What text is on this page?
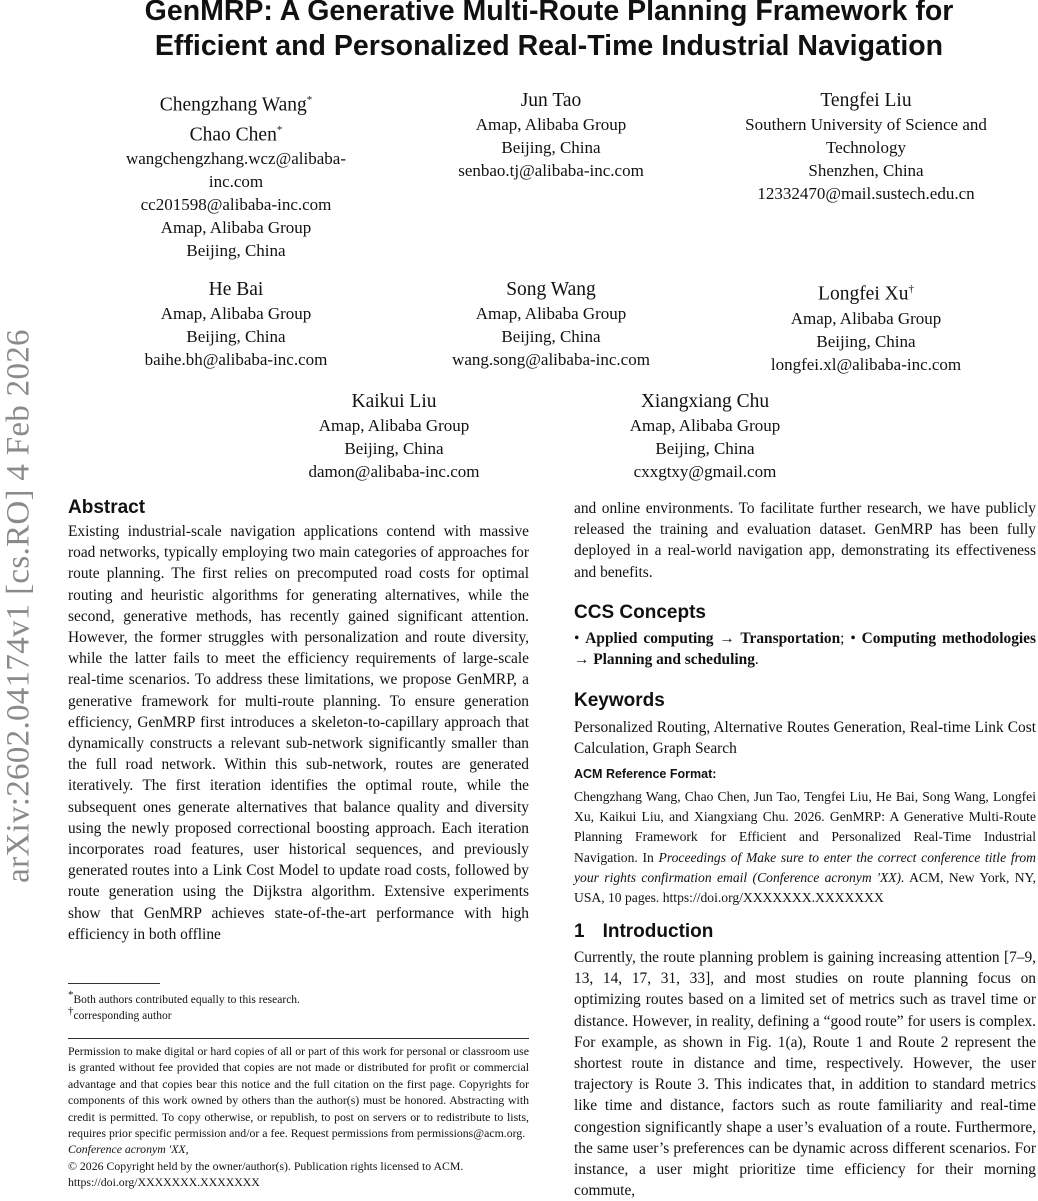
GenMRP: A Generative Multi-Route Planning Framework for
Efficient and Personalized Real-Time Industrial Navigation
arXiv:2602.04174v1 [cs.RO] 4 Feb 2026
Chengzhang Wang*
Chao Chen*
wangchengzhang.wcz@alibaba-
inc.com
cc201598@alibaba-inc.com
Amap, Alibaba Group
Beijing, China
Jun Tao
Amap, Alibaba Group
Beijing, China
senbao.tj@alibaba-inc.com
Tengfei Liu
Southern University of Science and
Technology
Shenzhen, China
12332470@mail.sustech.edu.cn
He Bai
Amap, Alibaba Group
Beijing, China
baihe.bh@alibaba-inc.com
Song Wang
Amap, Alibaba Group
Beijing, China
wang.song@alibaba-inc.com
Longfei Xu†
Amap, Alibaba Group
Beijing, China
longfei.xl@alibaba-inc.com
Kaikui Liu
Amap, Alibaba Group
Beijing, China
damon@alibaba-inc.com
Xiangxiang Chu
Amap, Alibaba Group
Beijing, China
cxxgtxy@gmail.com
Abstract

Existing industrial-scale navigation applications contend with massive road networks, typically employing two main categories of approaches for route planning. The first relies on precomputed road costs for optimal routing and heuristic algorithms for generating alternatives, while the second, generative methods, has recently gained significant attention. However, the former struggles with personalization and route diversity, while the latter fails to meet the efficiency requirements of large-scale real-time scenarios. To address these limitations, we propose GenMRP, a generative framework for multi-route planning. To ensure generation efficiency, GenMRP first introduces a skeleton-to-capillary approach that dynamically constructs a relevant sub-network significantly smaller than the full road network. Within this sub-network, routes are generated iteratively. The first iteration identifies the optimal route, while the subsequent ones generate alternatives that balance quality and diversity using the newly proposed correctional boosting approach. Each iteration incorporates road features, user historical sequences, and previously generated routes into a Link Cost Model to update road costs, followed by route generation using the Dijkstra algorithm. Extensive experiments show that GenMRP achieves state-of-the-art performance with high efficiency in both offline

*Both authors contributed equally to this research.
†corresponding author
Permission to make digital or hard copies of all or part of this work for personal or classroom use is granted without fee provided that copies are not made or distributed for profit or commercial advantage and that copies bear this notice and the full citation on the first page. Copyrights for components of this work owned by others than the author(s) must be honored. Abstracting with credit is permitted. To copy otherwise, or republish, to post on servers or to redistribute to lists, requires prior specific permission and/or a fee. Request permissions from permissions@acm.org.
Conference acronym 'XX,
© 2026 Copyright held by the owner/author(s). Publication rights licensed to ACM.
https://doi.org/XXXXXXX.XXXXXXX

and online environments. To facilitate further research, we have publicly released the training and evaluation dataset. GenMRP has been fully deployed in a real-world navigation app, demonstrating its effectiveness and benefits.

CCS Concepts

• Applied computing → Transportation; • Computing methodologies → Planning and scheduling.

Keywords

Personalized Routing, Alternative Routes Generation, Real-time Link Cost Calculation, Graph Search

ACM Reference Format:
Chengzhang Wang, Chao Chen, Jun Tao, Tengfei Liu, He Bai, Song Wang, Longfei Xu, Kaikui Liu, and Xiangxiang Chu. 2026. GenMRP: A Generative Multi-Route Planning Framework for Efficient and Personalized Real-Time Industrial Navigation. In Proceedings of Make sure to enter the correct conference title from your rights confirmation email (Conference acronym 'XX). ACM, New York, NY, USA, 10 pages. https://doi.org/XXXXXXX.XXXXXXX
1 Introduction

Currently, the route planning problem is gaining increasing attention [7–9, 13, 14, 17, 31, 33], and most studies on route planning focus on optimizing routes based on a limited set of metrics such as travel time or distance. However, in reality, defining a “good route” for users is complex. For example, as shown in Fig. 1(a), Route 1 and Route 2 represent the shortest route in distance and time, respectively. However, the user trajectory is Route 3. This indicates that, in addition to standard metrics like time and distance, factors such as route familiarity and real-time congestion significantly shape a user’s evaluation of a route. Furthermore, the same user’s preferences can be dynamic across different scenarios. For instance, a user might prioritize time efficiency for their morning commute,
